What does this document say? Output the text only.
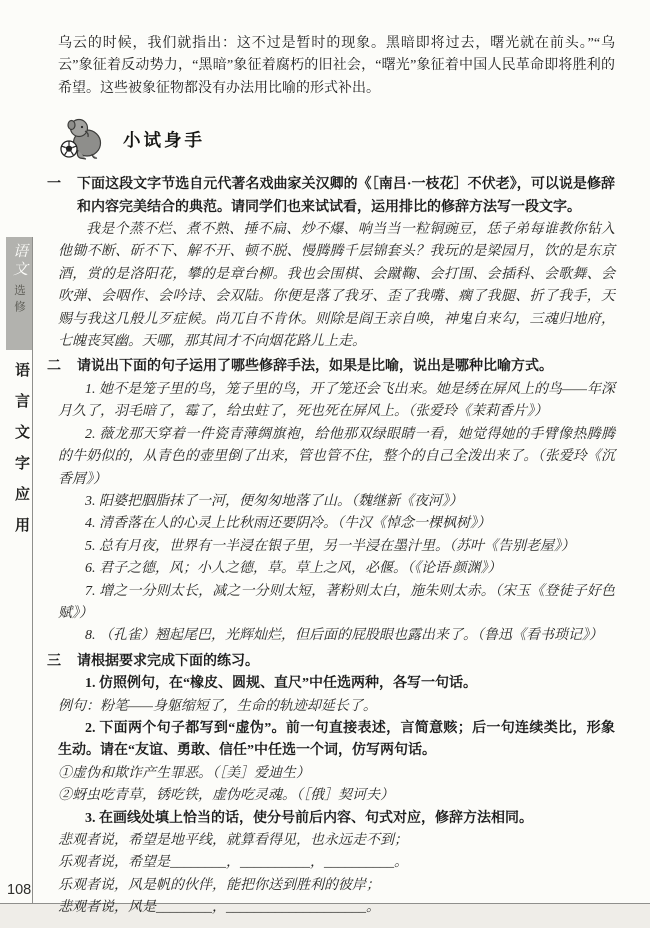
语文
选修
语言文字应用
108

乌云的时候，我们就指出：这不过是暂时的现象。黑暗即将过去，曙光就在前头。”“乌云”象征着反动势力，“黑暗”象征着腐朽的旧社会，“曙光”象征着中国人民革命即将胜利的希望。这些被象征物都没有办法用比喻的形式补出。

小试身手
一	下面这段文字节选自元代著名戏曲家关汉卿的《［南吕·一枝花］不伏老》，可以说是修辞和内容完美结合的典范。请同学们也来试试看，运用排比的修辞方法写一段文字。

我是个蒸不烂、煮不熟、捶不扁、炒不爆、响当当一粒铜豌豆，恁子弟每谁教你钻入他锄不断、斫不下、解不开、顿不脱、慢腾腾千层锦套头？我玩的是梁园月，饮的是东京酒，赏的是洛阳花，攀的是章台柳。我也会围棋、会蹴鞠、会打围、会插科、会歌舞、会吹弹、会咽作、会吟诗、会双陆。你便是落了我牙、歪了我嘴、瘸了我腿、折了我手，天赐与我这几般儿歹症候。尚兀自不肯休。则除是阎王亲自唤，神鬼自来勾，三魂归地府，七魄丧冥幽。天哪，那其间才不向烟花路儿上走。

二	请说出下面的句子运用了哪些修辞手法，如果是比喻，说出是哪种比喻方式。

1. 她不是笼子里的鸟，笼子里的鸟，开了笼还会飞出来。她是绣在屏风上的鸟——年深月久了，羽毛暗了，霉了，给虫蛀了，死也死在屏风上。（张爱玲《茉莉香片》）

2. 薇龙那天穿着一件瓷青薄绸旗袍，给他那双绿眼睛一看，她觉得她的手臂像热腾腾的牛奶似的，从青色的壶里倒了出来，管也管不住，整个的自己全泼出来了。（张爱玲《沉香屑》）

3. 阳婆把胭脂抹了一河，便匆匆地落了山。（魏继新《夜河》）

4. 清香落在人的心灵上比秋雨还要阴冷。（牛汉《悼念一棵枫树》）

5. 总有月夜，世界有一半浸在银子里，另一半浸在墨汁里。（苏叶《告别老屋》）

6. 君子之德，风；小人之德，草。草上之风，必偃。（《论语·颜渊》）

7. 增之一分则太长，减之一分则太短，著粉则太白，施朱则太赤。（宋玉《登徒子好色赋》）

8. （孔雀）翘起尾巴，光辉灿烂，但后面的屁股眼也露出来了。（鲁迅《看书琐记》）

三	请根据要求完成下面的练习。

1. 仿照例句，在“橡皮、圆规、直尺”中任选两种，各写一句话。

例句：粉笔——身躯缩短了，生命的轨迹却延长了。

2. 下面两个句子都写到“虚伪”。前一句直接表述，言简意赅；后一句连续类比，形象生动。请在“友谊、勇敢、信任”中任选一个词，仿写两句话。

①虚伪和欺诈产生罪恶。（［美］爱迪生）

②蚜虫吃青草，锈吃铁，虚伪吃灵魂。（［俄］契诃夫）

3. 在画线处填上恰当的话，使分号前后内容、句式对应，修辞方法相同。

悲观者说，希望是地平线，就算看得见，也永远走不到；

乐观者说，希望是________，__________，__________。

乐观者说，风是帆的伙伴，能把你送到胜利的彼岸；

悲观者说，风是________，____________________。
